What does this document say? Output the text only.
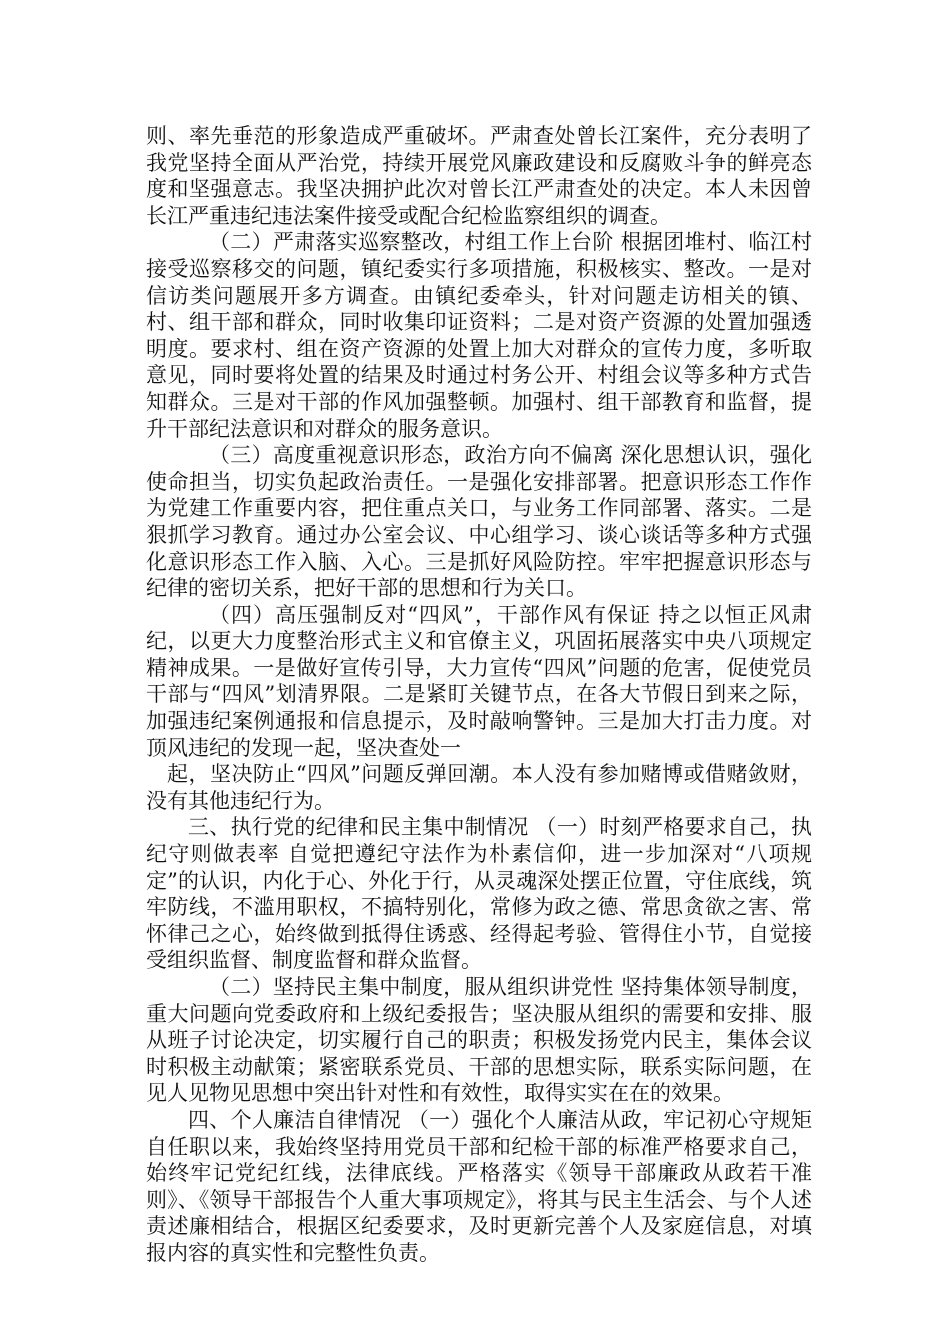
则、率先垂范的形象造成严重破坏。严肃查处曾长江案件，充分表明了我党坚持全面从严治党，持续开展党风廉政建设和反腐败斗争的鲜亮态度和坚强意志。我坚决拥护此次对曾长江严肃查处的决定。本人未因曾长江严重违纪违法案件接受或配合纪检监察组织的调查。

（二）严肃落实巡察整改，村组工作上台阶 根据团堆村、临江村接受巡察移交的问题，镇纪委实行多项措施，积极核实、整改。一是对信访类问题展开多方调查。由镇纪委牵头，针对问题走访相关的镇、村、组干部和群众，同时收集印证资料；二是对资产资源的处置加强透明度。要求村、组在资产资源的处置上加大对群众的宣传力度，多听取意见，同时要将处置的结果及时通过村务公开、村组会议等多种方式告知群众。三是对干部的作风加强整顿。加强村、组干部教育和监督，提升干部纪法意识和对群众的服务意识。

（三）高度重视意识形态，政治方向不偏离 深化思想认识，强化使命担当，切实负起政治责任。一是强化安排部署。把意识形态工作作为党建工作重要内容，把住重点关口，与业务工作同部署、落实。二是狠抓学习教育。通过办公室会议、中心组学习、谈心谈话等多种方式强化意识形态工作入脑、入心。三是抓好风险防控。牢牢把握意识形态与纪律的密切关系，把好干部的思想和行为关口。

（四）高压强制反对“四风”，干部作风有保证 持之以恒正风肃纪，以更大力度整治形式主义和官僚主义，巩固拓展落实中央八项规定精神成果。一是做好宣传引导，大力宣传“四风”问题的危害，促使党员干部与“四风”划清界限。二是紧盯关键节点，在各大节假日到来之际，加强违纪案例通报和信息提示，及时敲响警钟。三是加大打击力度。对顶风违纪的发现一起，坚决查处一

起，坚决防止“四风”问题反弹回潮。本人没有参加赌博或借赌敛财，没有其他违纪行为。

三、执行党的纪律和民主集中制情况 （一）时刻严格要求自己，执纪守则做表率 自觉把遵纪守法作为朴素信仰，进一步加深对“八项规定”的认识，内化于心、外化于行，从灵魂深处摆正位置，守住底线，筑牢防线，不滥用职权，不搞特别化，常修为政之德、常思贪欲之害、常怀律己之心，始终做到抵得住诱惑、经得起考验、管得住小节，自觉接受组织监督、制度监督和群众监督。

（二）坚持民主集中制度，服从组织讲党性 坚持集体领导制度，重大问题向党委政府和上级纪委报告；坚决服从组织的需要和安排、服从班子讨论决定，切实履行自己的职责；积极发扬党内民主，集体会议时积极主动献策；紧密联系党员、干部的思想实际，联系实际问题，在见人见物见思想中突出针对性和有效性，取得实实在在的效果。

四、个人廉洁自律情况 （一）强化个人廉洁从政，牢记初心守规矩 自任职以来，我始终坚持用党员干部和纪检干部的标准严格要求自己，始终牢记党纪红线，法律底线。严格落实《领导干部廉政从政若干准则》、《领导干部报告个人重大事项规定》，将其与民主生活会、与个人述责述廉相结合，根据区纪委要求，及时更新完善个人及家庭信息，对填报内容的真实性和完整性负责。
